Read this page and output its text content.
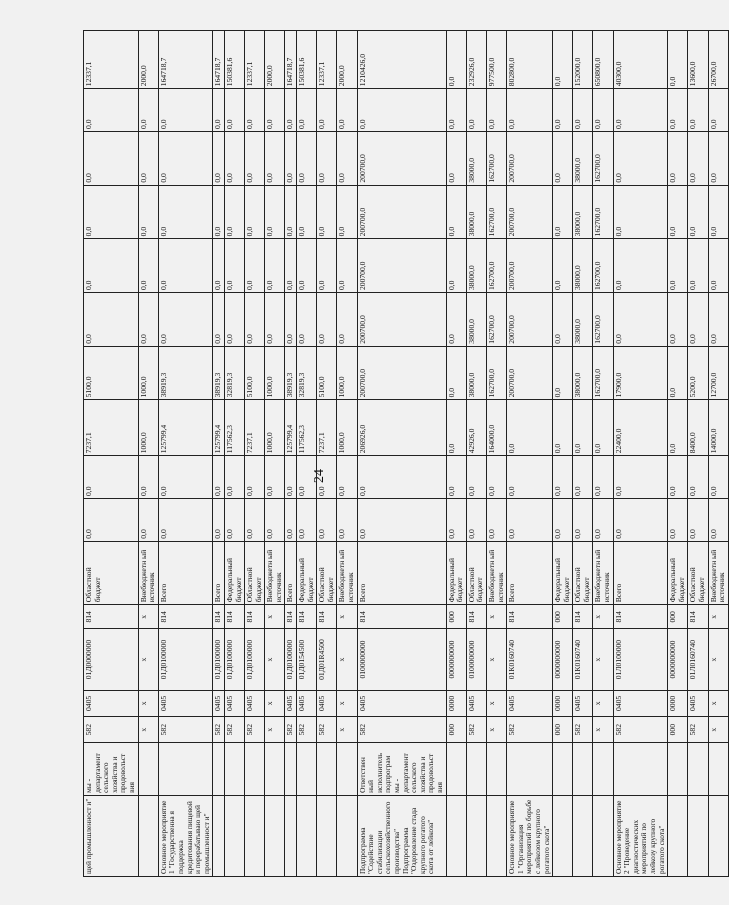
24
щей промышленност и"	мы - департамент сельского хозяйства и продовольст вия	582	0405	01Д0000000	814	Областной бюджет	0,0	0,0	7237,1	5100,0	0,0	0,0	0,0	0,0	0,0	12337,1
		х	х	х	х	Внебюджетн ый источник	0,0	0,0	1000,0	1000,0	0,0	0,0	0,0	0,0	0,0	2000,0
Основное мероприятие 1 "Государственна я поддержка кредитования пищевой и перерабатываю щей промышленност и"		582	0405	01Д0100000	814	Всего	0,0	0,0	125799,4	38919,3	0,0	0,0	0,0	0,0	0,0	164718,7
		582	0405	01Д0100000	814	Всего	0,0	0,0	125799,4	38919,3	0,0	0,0	0,0	0,0	0,0	164718,7
		582	0405	01Д0100000	814	Федеральный бюджет	0,0	0,0	117562,3	32819,3	0,0	0,0	0,0	0,0	0,0	150381,6
		582	0405	01Д0100000	814	Областной бюджет	0,0	0,0	7237,1	5100,0	0,0	0,0	0,0	0,0	0,0	12337,1
		х	х	х	х	Внебюджетн ый источник	0,0	0,0	1000,0	1000,0	0,0	0,0	0,0	0,0	0,0	2000,0
		582	0405	01Д0100000	814	Всего	0,0	0,0	125799,4	38919,3	0,0	0,0	0,0	0,0	0,0	164718,7
		582	0405	01Д0154500	814	Федеральный бюджет	0,0	0,0	117562,3	32819,3	0,0	0,0	0,0	0,0	0,0	150381,6
		582	0405	01Д01R4500	814	Областной бюджет	0,0	0,0	7237,1	5100,0	0,0	0,0	0,0	0,0	0,0	12337,1
		х	х	х	х	Внебюджетн ый источник	0,0	0,0	1000,0	1000,0	0,0	0,0	0,0	0,0	0,0	2000,0
Подпрограмма "Содействие стабилизации сельскохозяйственного производства" Подпрограмма "Оздоровление стада крупного рогатого скота от лейкоза"	Ответствен ный исполнитель подпрограм мы - департамент сельского хозяйства и продовольст вия	582	0405	0100000000	814	Всего	0,0	0,0	206926,0	200700,0	200700,0	200700,0	200700,0	200700,0	0,0	1210426,0
		000	0000	0000000000	000	Федеральный бюджет	0,0	0,0	0,0	0,0	0,0	0,0	0,0	0,0	0,0	0,0
		582	0405	0100000000	814	Областной бюджет	0,0	0,0	42926,0	38000,0	38000,0	38000,0	38000,0	38000,0	0,0	232926,0
		х	х	х	х	Внебюджетн ый источник	0,0	0,0	164000,0	162700,0	162700,0	162700,0	162700,0	162700,0	0,0	977500,0
Основное мероприятие 1 "Организация мероприятий по борьбе с лейкозом крупного рогатого скота"		582	0405	01К0160740	814	Всего	0,0	0,0	0,0	200700,0	200700,0	200700,0	200700,0	200700,0	0,0	802800,0
		000	0000	0000000000	000	Федеральный бюджет	0,0	0,0	0,0	0,0	0,0	0,0	0,0	0,0	0,0	0,0
		582	0405	01К0160740	814	Областной бюджет	0,0	0,0	0,0	38000,0	38000,0	38000,0	38000,0	38000,0	0,0	152000,0
		х	х	х	х	Внебюджетн ый источник	0,0	0,0	0,0	162700,0	162700,0	162700,0	162700,0	162700,0	0,0	650800,0
Основное мероприятие 2 "Проведение диагностических мероприятий по лейкозу крупного рогатого скота"		582	0405	01Л0100000	814	Всего	0,0	0,0	22400,0	17900,0	0,0	0,0	0,0	0,0	0,0	40300,0
		000	0000	0000000000	000	Федеральный бюджет	0,0	0,0	0,0	0,0	0,0	0,0	0,0	0,0	0,0	0,0
		582	0405	01Л0160740	814	Областной бюджет	0,0	0,0	8400,0	5200,0	0,0	0,0	0,0	0,0	0,0	13600,0
		х	х	х	х	Внебюджетн ый источник	0,0	0,0	14000,0	12700,0	0,0	0,0	0,0	0,0	0,0	26700,0
